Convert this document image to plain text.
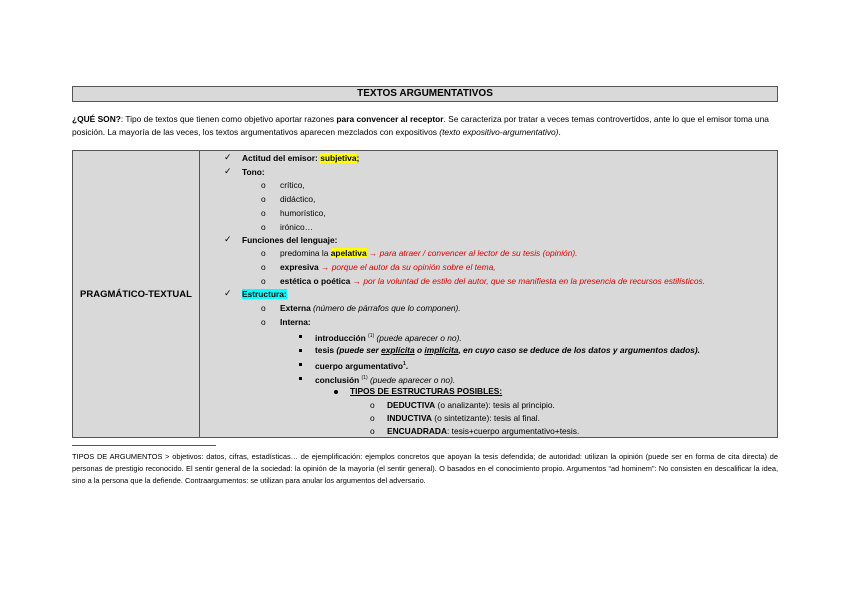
TEXTOS ARGUMENTATIVOS
¿QUÉ SON?: Tipo de textos que tienen como objetivo aportar razones para convencer al receptor. Se caracteriza por tratar a veces temas controvertidos, ante lo que el emisor toma una posición. La mayoría de las veces, los textos argumentativos aparecen mezclados con expositivos (texto expositivo-argumentativo).
PRAGMÁTICO-TEXTUAL
✓ Actitud del emisor: subjetiva;
✓ Tono:
o crítico,
o didáctico,
o humorístico,
o irónico…
✓ Funciones del lenguaje:
o predomina la apelativa → para atraer / convencer al lector de su tesis (opinión).
o expresiva → porque el autor da su opinión sobre el tema,
o estética o poética → por la voluntad de estilo del autor, que se manifiesta en la presencia de recursos estilísticos.
✓ Estructura:
o Externa (número de párrafos que lo componen).
o Interna:
introducción $^{(1)}$ (puede aparecer o no).
tesis (puede ser explícita o implícita, en cuyo caso se deduce de los datos y argumentos dados).
cuerpo argumentativo$^1$.
conclusión $^{(1)}$ (puede aparecer o no).
TIPOS DE ESTRUCTURAS POSIBLES:
o DEDUCTIVA (o analizante): tesis al principio.
o INDUCTIVA (o sintetizante): tesis al final.
o ENCUADRADA: tesis+cuerpo argumentativo+tesis.
TIPOS DE ARGUMENTOS > objetivos: datos, cifras, estadísticas… de ejemplificación: ejemplos concretos que apoyan la tesis defendida; de autoridad: utilizan la opinión (puede ser en forma de cita directa) de personas de prestigio reconocido. El sentir general de la sociedad: la opinión de la mayoría (el sentir general). O basados en el conocimiento propio. Argumentos “ad hominem”: No consisten en descalificar la idea, sino a la persona que la defiende. Contraargumentos: se utilizan para anular los argumentos del adversario.
